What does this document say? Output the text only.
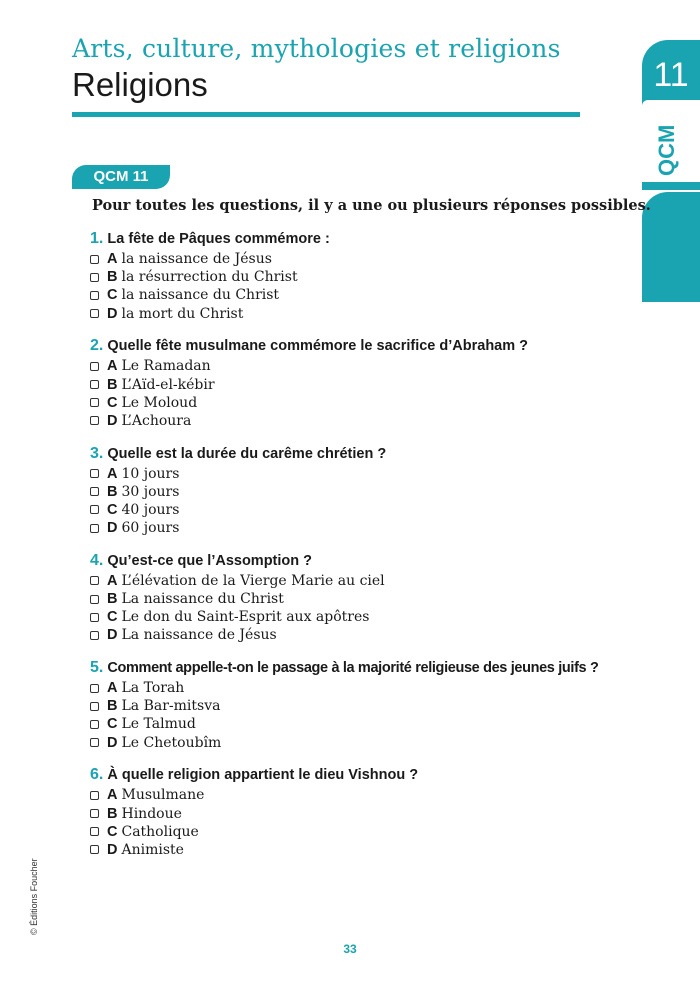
Arts, culture, mythologies et religions
Religions	11
QCM
QCM 11
Pour toutes les questions, il y a une ou plusieurs réponses possibles.
1. La fête de Pâques commémore :
A la naissance de Jésus
B la résurrection du Christ
C la naissance du Christ
D la mort du Christ
2. Quelle fête musulmane commémore le sacrifice d’Abraham ?
A Le Ramadan
B L’Aïd-el-kébir
C Le Moloud
D L’Achoura
3. Quelle est la durée du carême chrétien ?
A 10 jours
B 30 jours
C 40 jours
D 60 jours
4. Qu’est-ce que l’Assomption ?
A L’élévation de la Vierge Marie au ciel
B La naissance du Christ
C Le don du Saint-Esprit aux apôtres
D La naissance de Jésus
5. Comment appelle-t-on le passage à la majorité religieuse des jeunes juifs ?
A La Torah
B La Bar-mitsva
C Le Talmud
D Le Chetoubîm
6. À quelle religion appartient le dieu Vishnou ?
A Musulmane
B Hindoue
C Catholique
D Animiste
© Éditions Foucher
33
